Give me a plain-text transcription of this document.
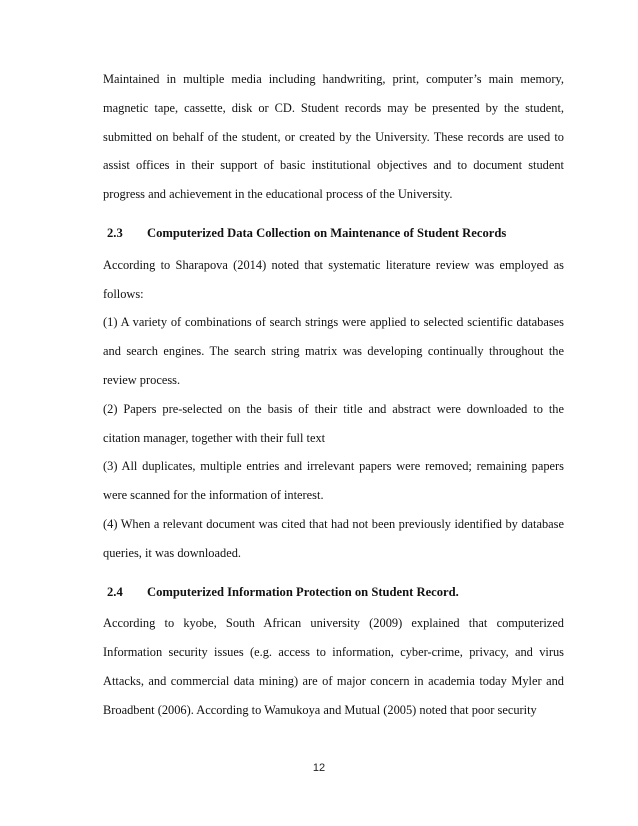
Maintained in multiple media including handwriting, print, computer’s main memory, magnetic tape, cassette, disk or CD. Student records may be presented by the student, submitted on behalf of the student, or created by the University. These records are used to assist offices in their support of basic institutional objectives and to document student progress and achievement in the educational process of the University.

2.3	Computerized Data Collection on Maintenance of Student Records

According to Sharapova (2014) noted that systematic literature review was employed as follows:

(1) A variety of combinations of search strings were applied to selected scientific databases and search engines. The search string matrix was developing continually throughout the review process.

(2) Papers pre-selected on the basis of their title and abstract were downloaded to the citation manager, together with their full text

(3) All duplicates, multiple entries and irrelevant papers were removed; remaining papers were scanned for the information of interest.

(4) When a relevant document was cited that had not been previously identified by database queries, it was downloaded.

2.4	Computerized Information Protection on Student Record.

According to kyobe, South African university (2009) explained that computerized Information security issues (e.g. access to information, cyber-crime, privacy, and virus Attacks, and commercial data mining) are of major concern in academia today Myler and Broadbent (2006). According to Wamukoya and Mutual (2005) noted that poor security

12
